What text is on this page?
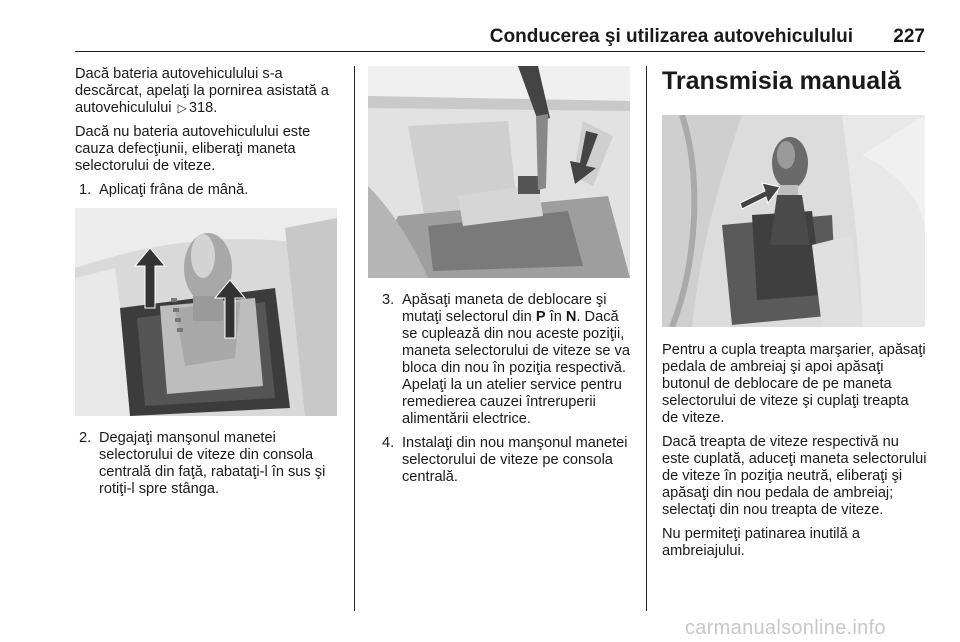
Conducerea şi utilizarea autovehiculului 227

Dacă bateria autovehiculului s-a descărcat, apelaţi la pornirea asistată a autovehiculului ▷ 318.

Dacă nu bateria autovehiculului este cauza defecţiunii, eliberaţi maneta selectorului de viteze.

1. Aplicaţi frâna de mână.
2. Degajaţi manşonul manetei selectorului de viteze din consola centrală din faţă, rabataţi-l în sus şi rotiţi-l spre stânga.
3. Apăsaţi maneta de deblocare şi mutaţi selectorul din P în N. Dacă se cuplează din nou aceste poziţii, maneta selectorului de viteze se va bloca din nou în poziţia respectivă. Apelaţi la un atelier service pentru remedierea cauzei întreruperii alimentării electrice.
4. Instalaţi din nou manşonul manetei selectorului de viteze pe consola centrală.
Transmisia manuală

Pentru a cupla treapta marşarier, apăsaţi pedala de ambreiaj şi apoi apăsaţi butonul de deblocare de pe maneta selectorului de viteze şi cuplaţi treapta de viteze.

Dacă treapta de viteze respectivă nu este cuplată, aduceţi maneta selectorului de viteze în poziţia neutră, eliberaţi şi apăsaţi din nou pedala de ambreiaj; selectaţi din nou treapta de viteze.

Nu permiteţi patinarea inutilă a ambreiajului.

carmanualsonline.info
